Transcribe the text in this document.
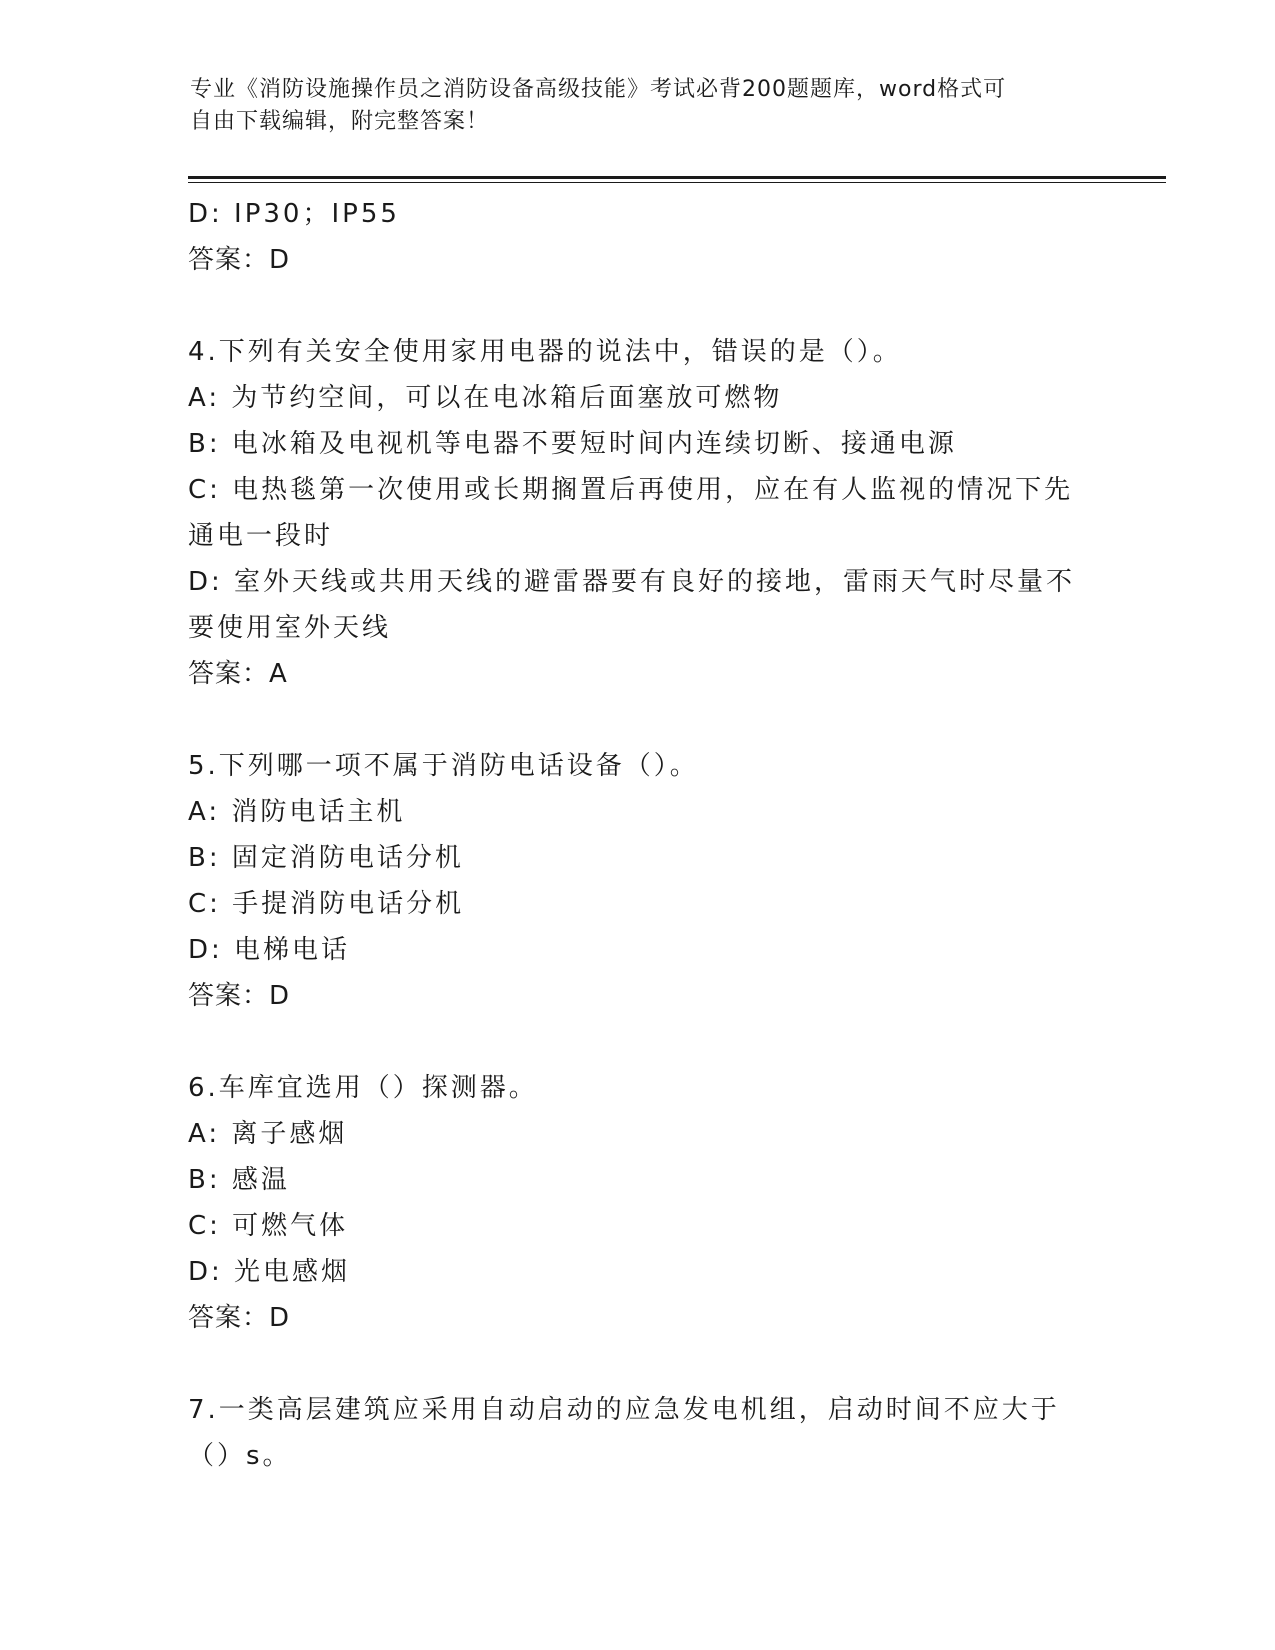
专业《消防设施操作员之消防设备高级技能》考试必背200题题库，word格式可
自由下载编辑，附完整答案！
D: IP30；IP55
答案：D
4.下列有关安全使用家用电器的说法中，错误的是（）。
A: 为节约空间，可以在电冰箱后面塞放可燃物
B: 电冰箱及电视机等电器不要短时间内连续切断、接通电源
C: 电热毯第一次使用或长期搁置后再使用，应在有人监视的情况下先
通电一段时
D: 室外天线或共用天线的避雷器要有良好的接地，雷雨天气时尽量不
要使用室外天线
答案：A
5.下列哪一项不属于消防电话设备（）。
A: 消防电话主机
B: 固定消防电话分机
C: 手提消防电话分机
D: 电梯电话
答案：D
6.车库宜选用（）探测器。
A: 离子感烟
B: 感温
C: 可燃气体
D: 光电感烟
答案：D
7.一类高层建筑应采用自动启动的应急发电机组，启动时间不应大于
（）s。
